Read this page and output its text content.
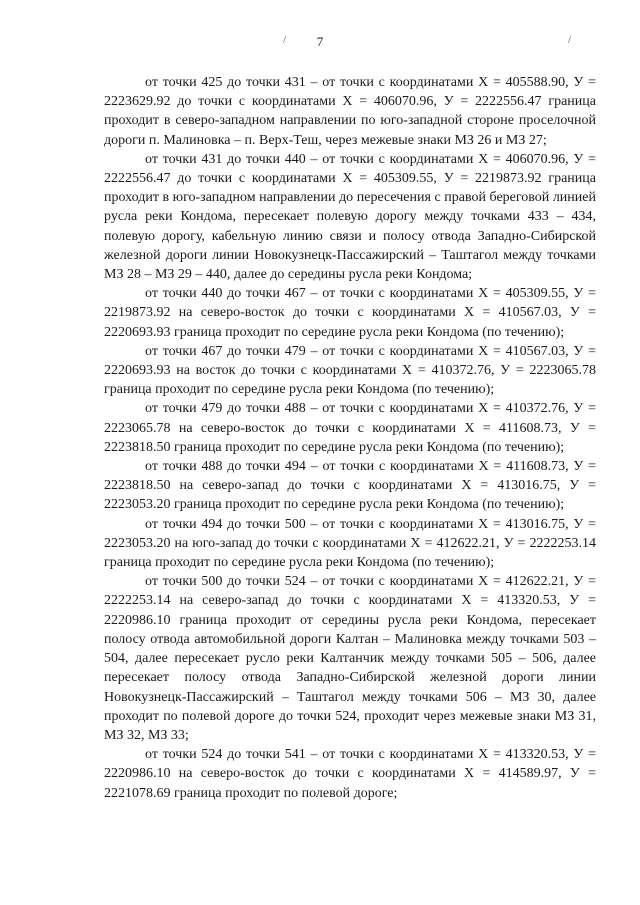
7
/	/

от точки 425 до точки 431 – от точки с координатами Х = 405588.90, У = 2223629.92 до точки с координатами Х = 406070.96, У = 2222556.47 граница проходит в северо-западном направлении по юго-западной стороне проселочной дороги п. Малиновка – п. Верх-Теш, через межевые знаки МЗ 26 и МЗ 27;

от точки 431 до точки 440 – от точки с координатами Х = 406070.96, У = 2222556.47 до точки с координатами Х = 405309.55, У = 2219873.92 граница проходит в юго-западном направлении до пересечения с правой береговой линией русла реки Кондома, пересекает полевую дорогу между точками 433 – 434, полевую дорогу, кабельную линию связи и полосу отвода Западно-Сибирской железной дороги линии Новокузнецк-Пассажирский – Таштагол между точками МЗ 28 – МЗ 29 – 440, далее до середины русла реки Кондома;

от точки 440 до точки 467 – от точки с координатами Х = 405309.55, У = 2219873.92 на северо-восток до точки с координатами Х = 410567.03, У = 2220693.93 граница проходит по середине русла реки Кондома (по течению);

от точки 467 до точки 479 – от точки с координатами Х = 410567.03, У = 2220693.93 на восток до точки с координатами Х = 410372.76, У = 2223065.78 граница проходит по середине русла реки Кондома (по течению);

от точки 479 до точки 488 – от точки с координатами Х = 410372.76, У = 2223065.78 на северо-восток до точки с координатами Х = 411608.73, У = 2223818.50 граница проходит по середине русла реки Кондома (по течению);

от точки 488 до точки 494 – от точки с координатами Х = 411608.73, У = 2223818.50 на северо-запад до точки с координатами Х = 413016.75, У = 2223053.20 граница проходит по середине русла реки Кондома (по течению);

от точки 494 до точки 500 – от точки с координатами Х = 413016.75, У = 2223053.20 на юго-запад до точки с координатами Х = 412622.21, У = 2222253.14 граница проходит по середине русла реки Кондома (по течению);

от точки 500 до точки 524 – от точки с координатами Х = 412622.21, У = 2222253.14 на северо-запад до точки с координатами Х = 413320.53, У = 2220986.10 граница проходит от середины русла реки Кондома, пересекает полосу отвода автомобильной дороги Калтан – Малиновка между точками 503 – 504, далее пересекает русло реки Калтанчик между точками 505 – 506, далее пересекает полосу отвода Западно-Сибирской железной дороги линии Новокузнецк-Пассажирский – Таштагол между точками 506 – МЗ 30, далее проходит по полевой дороге до точки 524, проходит через межевые знаки МЗ 31, МЗ 32, МЗ 33;

от точки 524 до точки 541 – от точки с координатами Х = 413320.53, У = 2220986.10 на северо-восток до точки с координатами Х = 414589.97, У = 2221078.69 граница проходит по полевой дороге;
